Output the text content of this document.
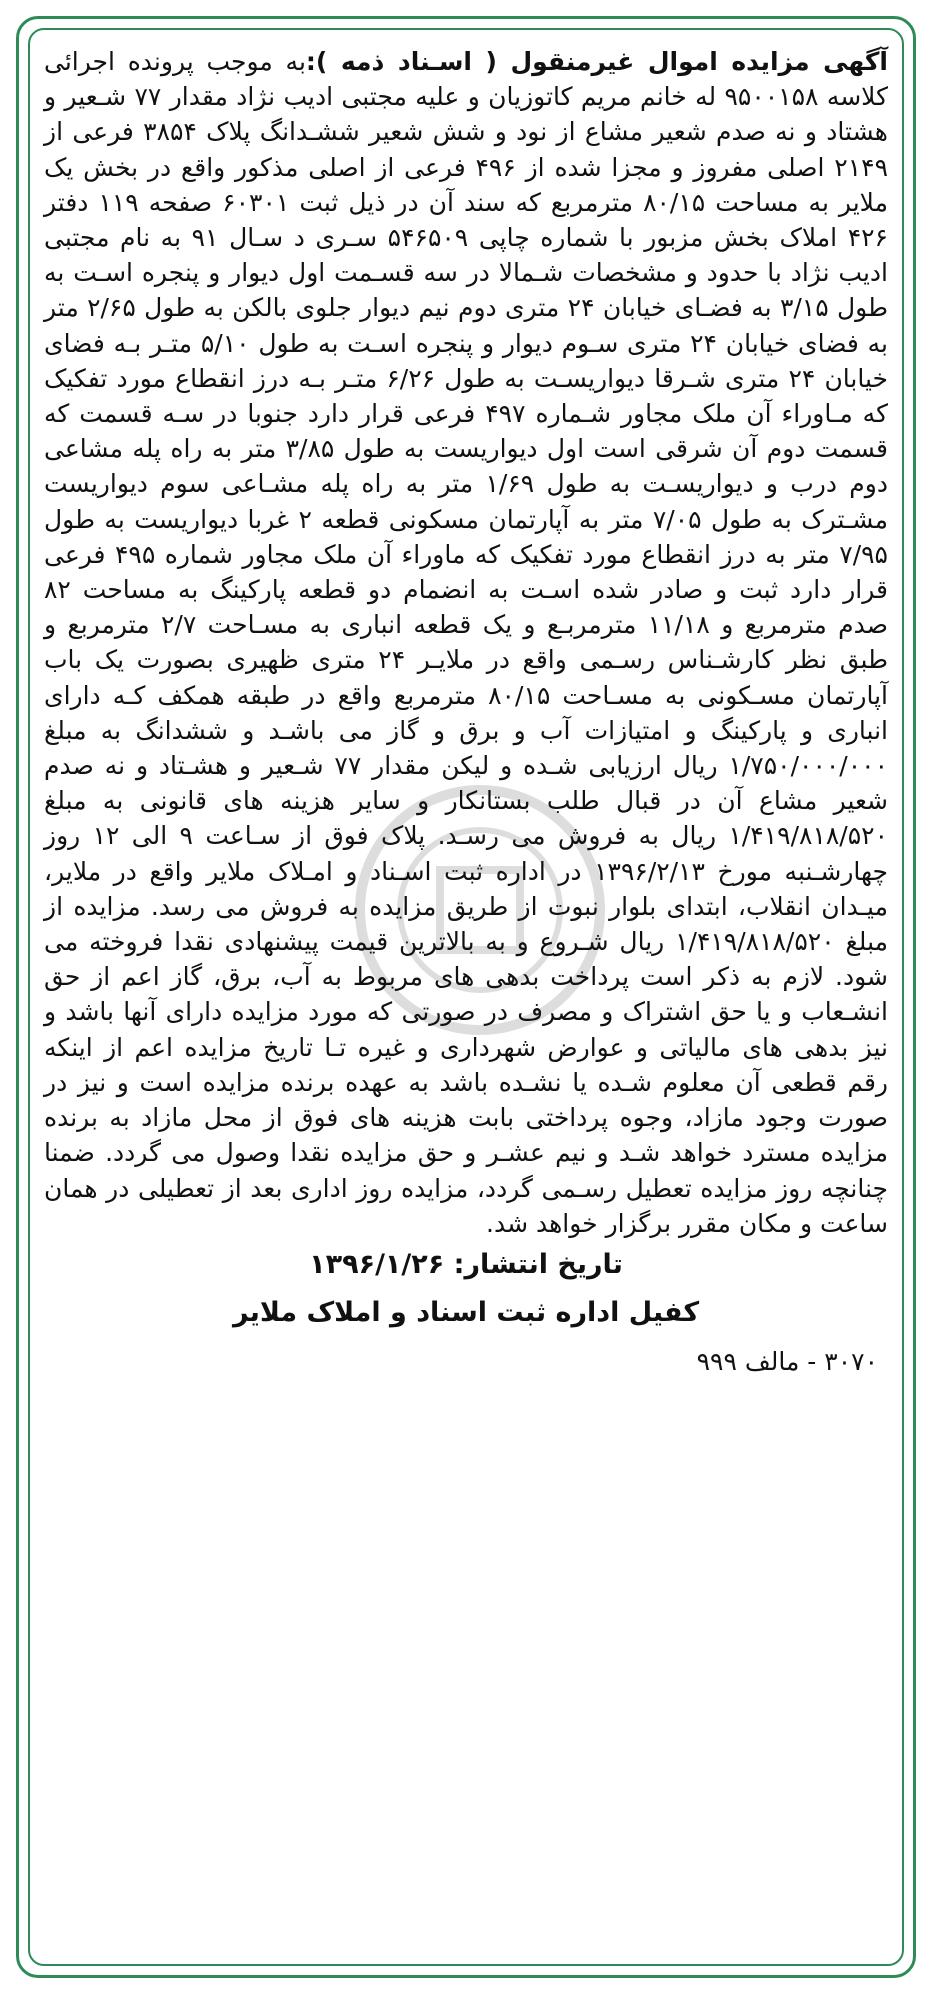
آگهی مزایده اموال غیرمنقول ( اسـناد ذمه ):به موجب پرونده اجرائی کلاسه ۹۵۰۰۱۵۸ له خانم مریم کاتوزیان و علیه مجتبی ادیب نژاد مقدار ۷۷ شـعیر و هشتاد و نه صدم شعیر مشاع از نود و شش شعیر ششـدانگ پلاک ۳۸۵۴ فرعی از ۲۱۴۹ اصلی مفروز و مجزا شده از ۴۹۶ فرعی از اصلی مذکور واقع در بخش یک ملایر به مساحت ۸۰/۱۵ مترمربع که سند آن در ذیل ثبت ۶۰۳۰۱ صفحه ۱۱۹ دفتر ۴۲۶ املاک بخش مزبور با شماره چاپی ۵۴۶۵۰۹ سـری د سـال ۹۱ به نام مجتبی ادیب نژاد با حدود و مشخصات شـمالا در سه قسـمت اول دیوار و پنجره اسـت به طول ۳/۱۵ به فضـای خیابان ۲۴ متری دوم نیم دیوار جلوی بالکن به طول ۲/۶۵ متر به فضای خیابان ۲۴ متری سـوم دیوار و پنجره اسـت به طول ۵/۱۰ متـر بـه فضای خیابان ۲۴ متری شـرقا دیواریسـت به طول ۶/۲۶ متـر بـه درز انقطاع مورد تفکیک که مـاوراء آن ملک مجاور شـماره ۴۹۷ فرعی قرار دارد جنوبا در سـه قسمت که قسمت دوم آن شرقی است اول دیواریست به طول ۳/۸۵ متر به راه پله مشاعی دوم درب و دیواریسـت به طول ۱/۶۹ متر به راه پله مشـاعی سوم دیواریست مشـترک به طول ۷/۰۵ متر به آپارتمان مسکونی قطعه ۲ غربا دیواریست به طول ۷/۹۵ متر به درز انقطاع مورد تفکیک که ماوراء آن ملک مجاور شماره ۴۹۵ فرعی قرار دارد ثبت و صادر شده اسـت به انضمام دو قطعه پارکینگ به مساحت ۸۲ صدم مترمربع و ۱۱/۱۸ مترمربـع و یک قطعه انباری به مسـاحت ۲/۷ مترمربع و طبق نظر کارشـناس رسـمی واقع در ملایـر ۲۴ متری ظهیری بصورت یک باب آپارتمان مسـکونی به مسـاحت ۸۰/۱۵ مترمربع واقع در طبقه همکف کـه دارای انباری و پارکینگ و امتیازات آب و برق و گاز می باشـد و ششدانگ به مبلغ ۱/۷۵۰/۰۰۰/۰۰۰ ریال ارزیابی شـده و لیکن مقدار ۷۷ شـعیر و هشـتاد و نه صدم شعیر مشاع آن در قبال طلب بستانکار و سایر هزینه های قانونی به مبلغ ۱/۴۱۹/۸۱۸/۵۲۰ ریال به فروش می رسـد. پلاک فوق از سـاعت ۹ الی ۱۲ روز چهارشـنبه مورخ ۱۳۹۶/۲/۱۳ در اداره ثبت اسـناد و امـلاک ملایر واقع در ملایر، میـدان انقلاب، ابتدای بلوار نبوت از طریق مزایده به فروش می رسد. مزایده از مبلغ ۱/۴۱۹/۸۱۸/۵۲۰ ریال شـروع و به بالاترین قیمت پیشنهادی نقدا فروخته می شود. لازم به ذکر است پرداخت بدهی های مربوط به آب، برق، گاز اعم از حق انشـعاب و یا حق اشتراک و مصرف در صورتی که مورد مزایده دارای آنها باشد و نیز بدهی های مالیاتی و عوارض شهرداری و غیره تـا تاریخ مزایده اعم از اینکه رقم قطعی آن معلوم شـده یا نشـده باشد به عهده برنده مزایده است و نیز در صورت وجود مازاد، وجوه پرداختی بابت هزینه های فوق از محل مازاد به برنده مزایده مسترد خواهد شـد و نیم عشـر و حق مزایده نقدا وصول می گردد. ضمنا چنانچه روز مزایده تعطیل رسـمی گردد، مزایده روز اداری بعد از تعطیلی در همان ساعت و مکان مقرر برگزار خواهد شد.

تاریخ انتشار: ۱۳۹۶/۱/۲۶
کفیل اداره ثبت اسناد و املاک ملایر
۳۰۷۰ - مالف ۹۹۹
